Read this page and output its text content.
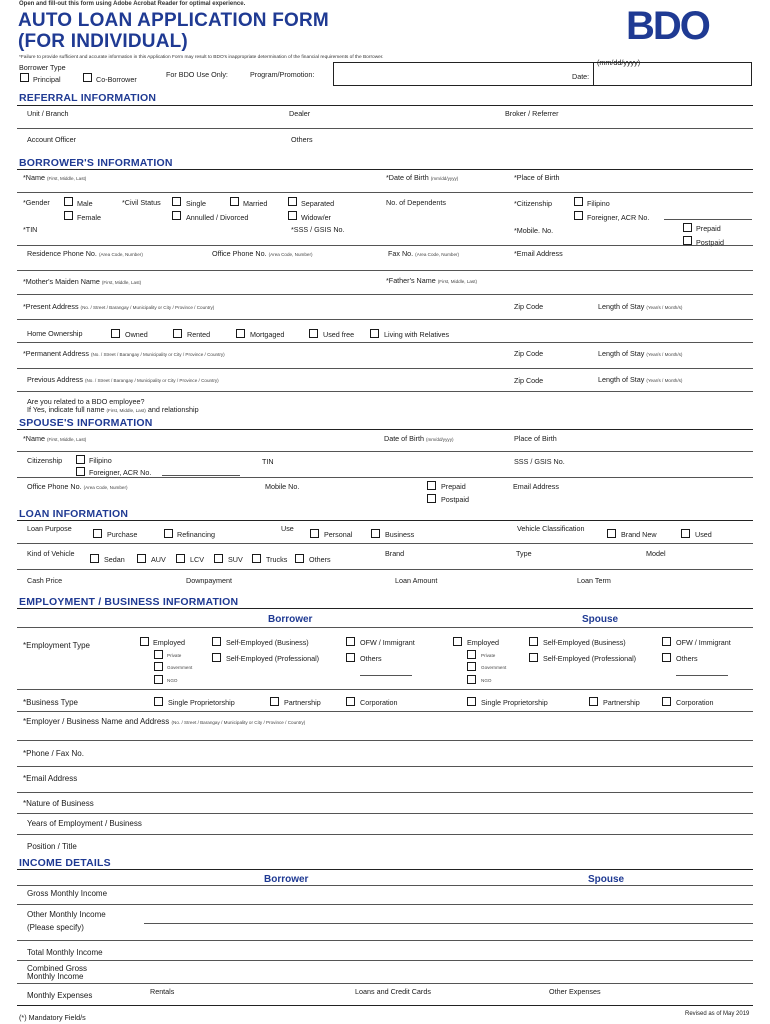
Open and fill-out this form using Adobe Acrobat Reader for optimal experience.
AUTO LOAN APPLICATION FORM
(FOR INDIVIDUAL)	BDO
*Failure to provide sufficient and accurate information in this Application Form may result to BDO's inappropriate determination of the financial requirements of the Borrower.
Borrower Type
Principal	Co-Borrower
For BDO Use Only:	Program/Promotion:
(mm/dd/yyyy)
Date:
REFERRAL INFORMATION
Unit / Branch	Dealer	Broker / Referrer
Account Officer	Others
BORROWER'S INFORMATION
*Name (First, Middle, Last)	*Date of Birth (mm/dd/yyyy)	*Place of Birth
*Gender	Male
Female
*Civil Status	Single	Married	Separated
Annulled / Divorced	Widow/er
No. of Dependents	*Citizenship	Filipino
Foreigner, ACR No.
*TIN	*SSS / GSIS No.	*Mobile. No.	Prepaid
Postpaid
Residence Phone No. (Area Code, Number)	Office Phone No. (Area Code, Number)	Fax No. (Area Code, Number)	*Email Address
*Mother's Maiden Name (First, Middle, Last)	*Father's Name (First, Middle, Last)
*Present Address (No. / Street / Barangay / Municipality or City / Province / Country)	Zip Code	Length of Stay (Year/s / Month/s)
Home Ownership	Owned	Rented	Mortgaged	Used free	Living with Relatives
*Permanent Address (No. / Street / Barangay / Municipality or City / Province / Country)	Zip Code	Length of Stay (Year/s / Month/s)
Previous Address (No. / Street / Barangay / Municipality or City / Province / Country)	Zip Code	Length of Stay (Year/s / Month/s)
Are you related to a BDO employee?
If Yes, indicate full name (First, Middle, Last) and relationship
SPOUSE'S INFORMATION
*Name (First, Middle, Last)	Date of Birth (mm/dd/yyyy)	Place of Birth
Citizenship	Filipino
Foreigner, ACR No.
TIN	SSS / GSIS No.
Office Phone No. (Area Code, Number)	Mobile No.	Prepaid
Postpaid
Email Address
LOAN INFORMATION
Loan Purpose
Purchase	Refinancing
Use
Personal	Business
Vehicle Classification
Brand New	Used
Kind of Vehicle
Sedan	AUV	LCV	SUV	Trucks	Others
Brand	Type	Model
Cash Price	Downpayment	Loan Amount	Loan Term
EMPLOYMENT / BUSINESS INFORMATION
Borrower	Spouse
*Employment Type	Employed	Self-Employed (Business)	OFW / Immigrant
Private	Self-Employed (Professional)	Others
Government
NGO
Employed	Self-Employed (Business)	OFW / Immigrant
Private	Self-Employed (Professional)	Others
Government
NGO
*Business Type	Single Proprietorship	Partnership	Corporation	Single Proprietorship	Partnership	Corporation
*Employer / Business Name and Address (No. / Street / Barangay / Municipality or City / Province / Country)
*Phone / Fax No.
*Email Address
*Nature of Business
Years of Employment / Business
Position / Title
INCOME DETAILS
Borrower	Spouse
Gross Monthly Income
Other Monthly Income
(Please specify)
Total Monthly Income
Combined Gross
Monthly Income
Monthly Expenses	Rentals	Loans and Credit Cards	Other Expenses
(*) Mandatory Field/s	Revised as of May 2019
